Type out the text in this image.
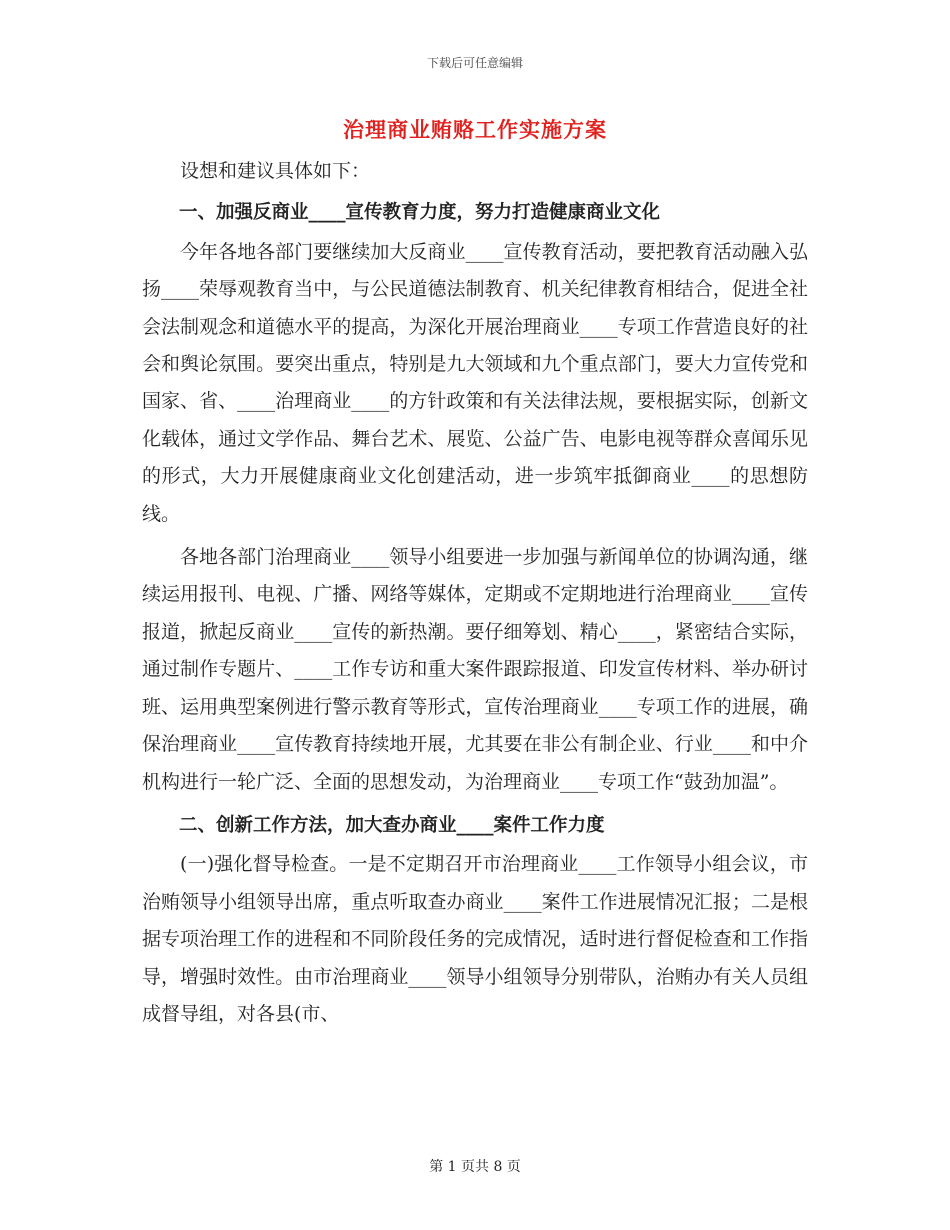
下载后可任意编辑
治理商业贿赂工作实施方案

设想和建议具体如下：

一、加强反商业____宣传教育力度，努力打造健康商业文化

今年各地各部门要继续加大反商业____宣传教育活动，要把教育活动融入弘扬____荣辱观教育当中，与公民道德法制教育、机关纪律教育相结合，促进全社会法制观念和道德水平的提高，为深化开展治理商业____专项工作营造良好的社会和舆论氛围。要突出重点，特别是九大领域和九个重点部门，要大力宣传党和国家、省、____治理商业____的方针政策和有关法律法规，要根据实际，创新文化载体，通过文学作品、舞台艺术、展览、公益广告、电影电视等群众喜闻乐见的形式，大力开展健康商业文化创建活动，进一步筑牢抵御商业____的思想防线。

各地各部门治理商业____领导小组要进一步加强与新闻单位的协调沟通，继续运用报刊、电视、广播、网络等媒体，定期或不定期地进行治理商业____宣传报道，掀起反商业____宣传的新热潮。要仔细筹划、精心____，紧密结合实际，通过制作专题片、____工作专访和重大案件跟踪报道、印发宣传材料、举办研讨班、运用典型案例进行警示教育等形式，宣传治理商业____专项工作的进展，确保治理商业____宣传教育持续地开展，尤其要在非公有制企业、行业____和中介机构进行一轮广泛、全面的思想发动，为治理商业____专项工作“鼓劲加温”。

二、创新工作方法，加大查办商业____案件工作力度

(一)强化督导检查。一是不定期召开市治理商业____工作领导小组会议，市治贿领导小组领导出席，重点听取查办商业____案件工作进展情况汇报；二是根据专项治理工作的进程和不同阶段任务的完成情况，适时进行督促检查和工作指导，增强时效性。由市治理商业____领导小组领导分别带队，治贿办有关人员组成督导组，对各县(市、

第 1 页共 8 页
